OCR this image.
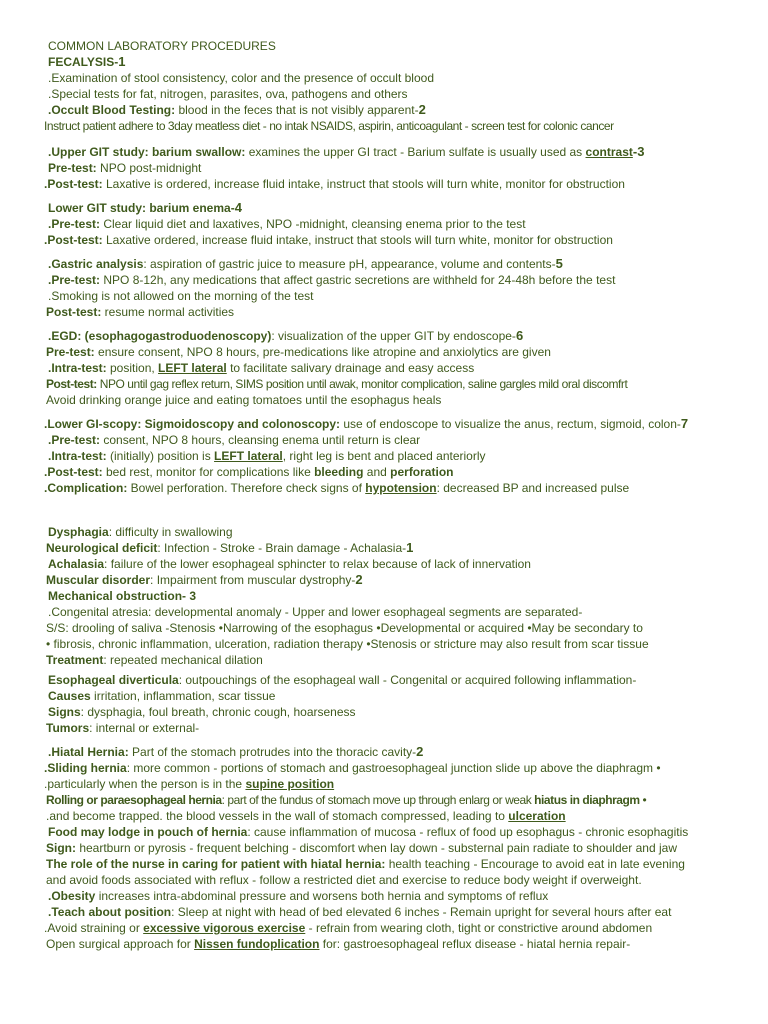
COMMON LABORATORY PROCEDURES
FECALYSIS-1
.Examination of stool consistency, color and the presence of occult blood
.Special tests for fat, nitrogen, parasites, ova, pathogens and others
.Occult Blood Testing: blood in the feces that is not visibly apparent-2
Instruct patient adhere to 3day meatless diet - no intak NSAIDS, aspirin, anticoagulant - screen test for colonic cancer
.Upper GIT study: barium swallow: examines the upper GI tract - Barium sulfate is usually used as contrast-3
Pre-test: NPO post-midnight
.Post-test: Laxative is ordered, increase fluid intake, instruct that stools will turn white, monitor for obstruction
Lower GIT study: barium enema-4
.Pre-test: Clear liquid diet and laxatives, NPO -midnight, cleansing enema prior to the test
.Post-test: Laxative ordered, increase fluid intake, instruct that stools will turn white, monitor for obstruction
.Gastric analysis: aspiration of gastric juice to measure pH, appearance, volume and contents-5
.Pre-test: NPO 8-12h, any medications that affect gastric secretions are withheld for 24-48h before the test
.Smoking is not allowed on the morning of the test
Post-test: resume normal activities
.EGD: (esophagogastroduodenoscopy): visualization of the upper GIT by endoscope-6
Pre-test: ensure consent, NPO 8 hours, pre-medications like atropine and anxiolytics are given
.Intra-test: position, LEFT lateral to facilitate salivary drainage and easy access
Post-test: NPO until gag reflex return, SIMS position until awak, monitor complication, saline gargles mild oral discomfrt
Avoid drinking orange juice and eating tomatoes until the esophagus heals
.Lower GI-scopy: Sigmoidoscopy and colonoscopy: use of endoscope to visualize the anus, rectum, sigmoid, colon-7
.Pre-test: consent, NPO 8 hours, cleansing enema until return is clear
.Intra-test: (initially) position is LEFT lateral, right leg is bent and placed anteriorly
.Post-test: bed rest, monitor for complications like bleeding and perforation
.Complication: Bowel perforation. Therefore check signs of hypotension: decreased BP and increased pulse
Dysphagia: difficulty in swallowing
Neurological deficit: Infection - Stroke - Brain damage - Achalasia-1
Achalasia: failure of the lower esophageal sphincter to relax because of lack of innervation
Muscular disorder: Impairment from muscular dystrophy-2
Mechanical obstruction- 3
.Congenital atresia: developmental anomaly - Upper and lower esophageal segments are separated-
S/S: drooling of saliva -Stenosis •Narrowing of the esophagus •Developmental or acquired •May be secondary to
• fibrosis, chronic inflammation, ulceration, radiation therapy •Stenosis or stricture may also result from scar tissue
Treatment: repeated mechanical dilation
Esophageal diverticula: outpouchings of the esophageal wall - Congenital or acquired following inflammation-
Causes irritation, inflammation, scar tissue
Signs: dysphagia, foul breath, chronic cough, hoarseness
Tumors: internal or external-
.Hiatal Hernia: Part of the stomach protrudes into the thoracic cavity-2
.Sliding hernia: more common - portions of stomach and gastroesophageal junction slide up above the diaphragm •
.particularly when the person is in the supine position
Rolling or paraesophageal hernia: part of the fundus of stomach move up through enlarg or weak hiatus in diaphragm •
.and become trapped. the blood vessels in the wall of stomach compressed, leading to ulceration
Food may lodge in pouch of hernia: cause inflammation of mucosa - reflux of food up esophagus - chronic esophagitis
Sign: heartburn or pyrosis - frequent belching - discomfort when lay down - substernal pain radiate to shoulder and jaw
The role of the nurse in caring for patient with hiatal hernia: health teaching - Encourage to avoid eat in late evening
and avoid foods associated with reflux - follow a restricted diet and exercise to reduce body weight if overweight.
.Obesity increases intra-abdominal pressure and worsens both hernia and symptoms of reflux
.Teach about position: Sleep at night with head of bed elevated 6 inches - Remain upright for several hours after eat
.Avoid straining or excessive vigorous exercise - refrain from wearing cloth, tight or constrictive around abdomen
Open surgical approach for Nissen fundoplication for: gastroesophageal reflux disease - hiatal hernia repair-
